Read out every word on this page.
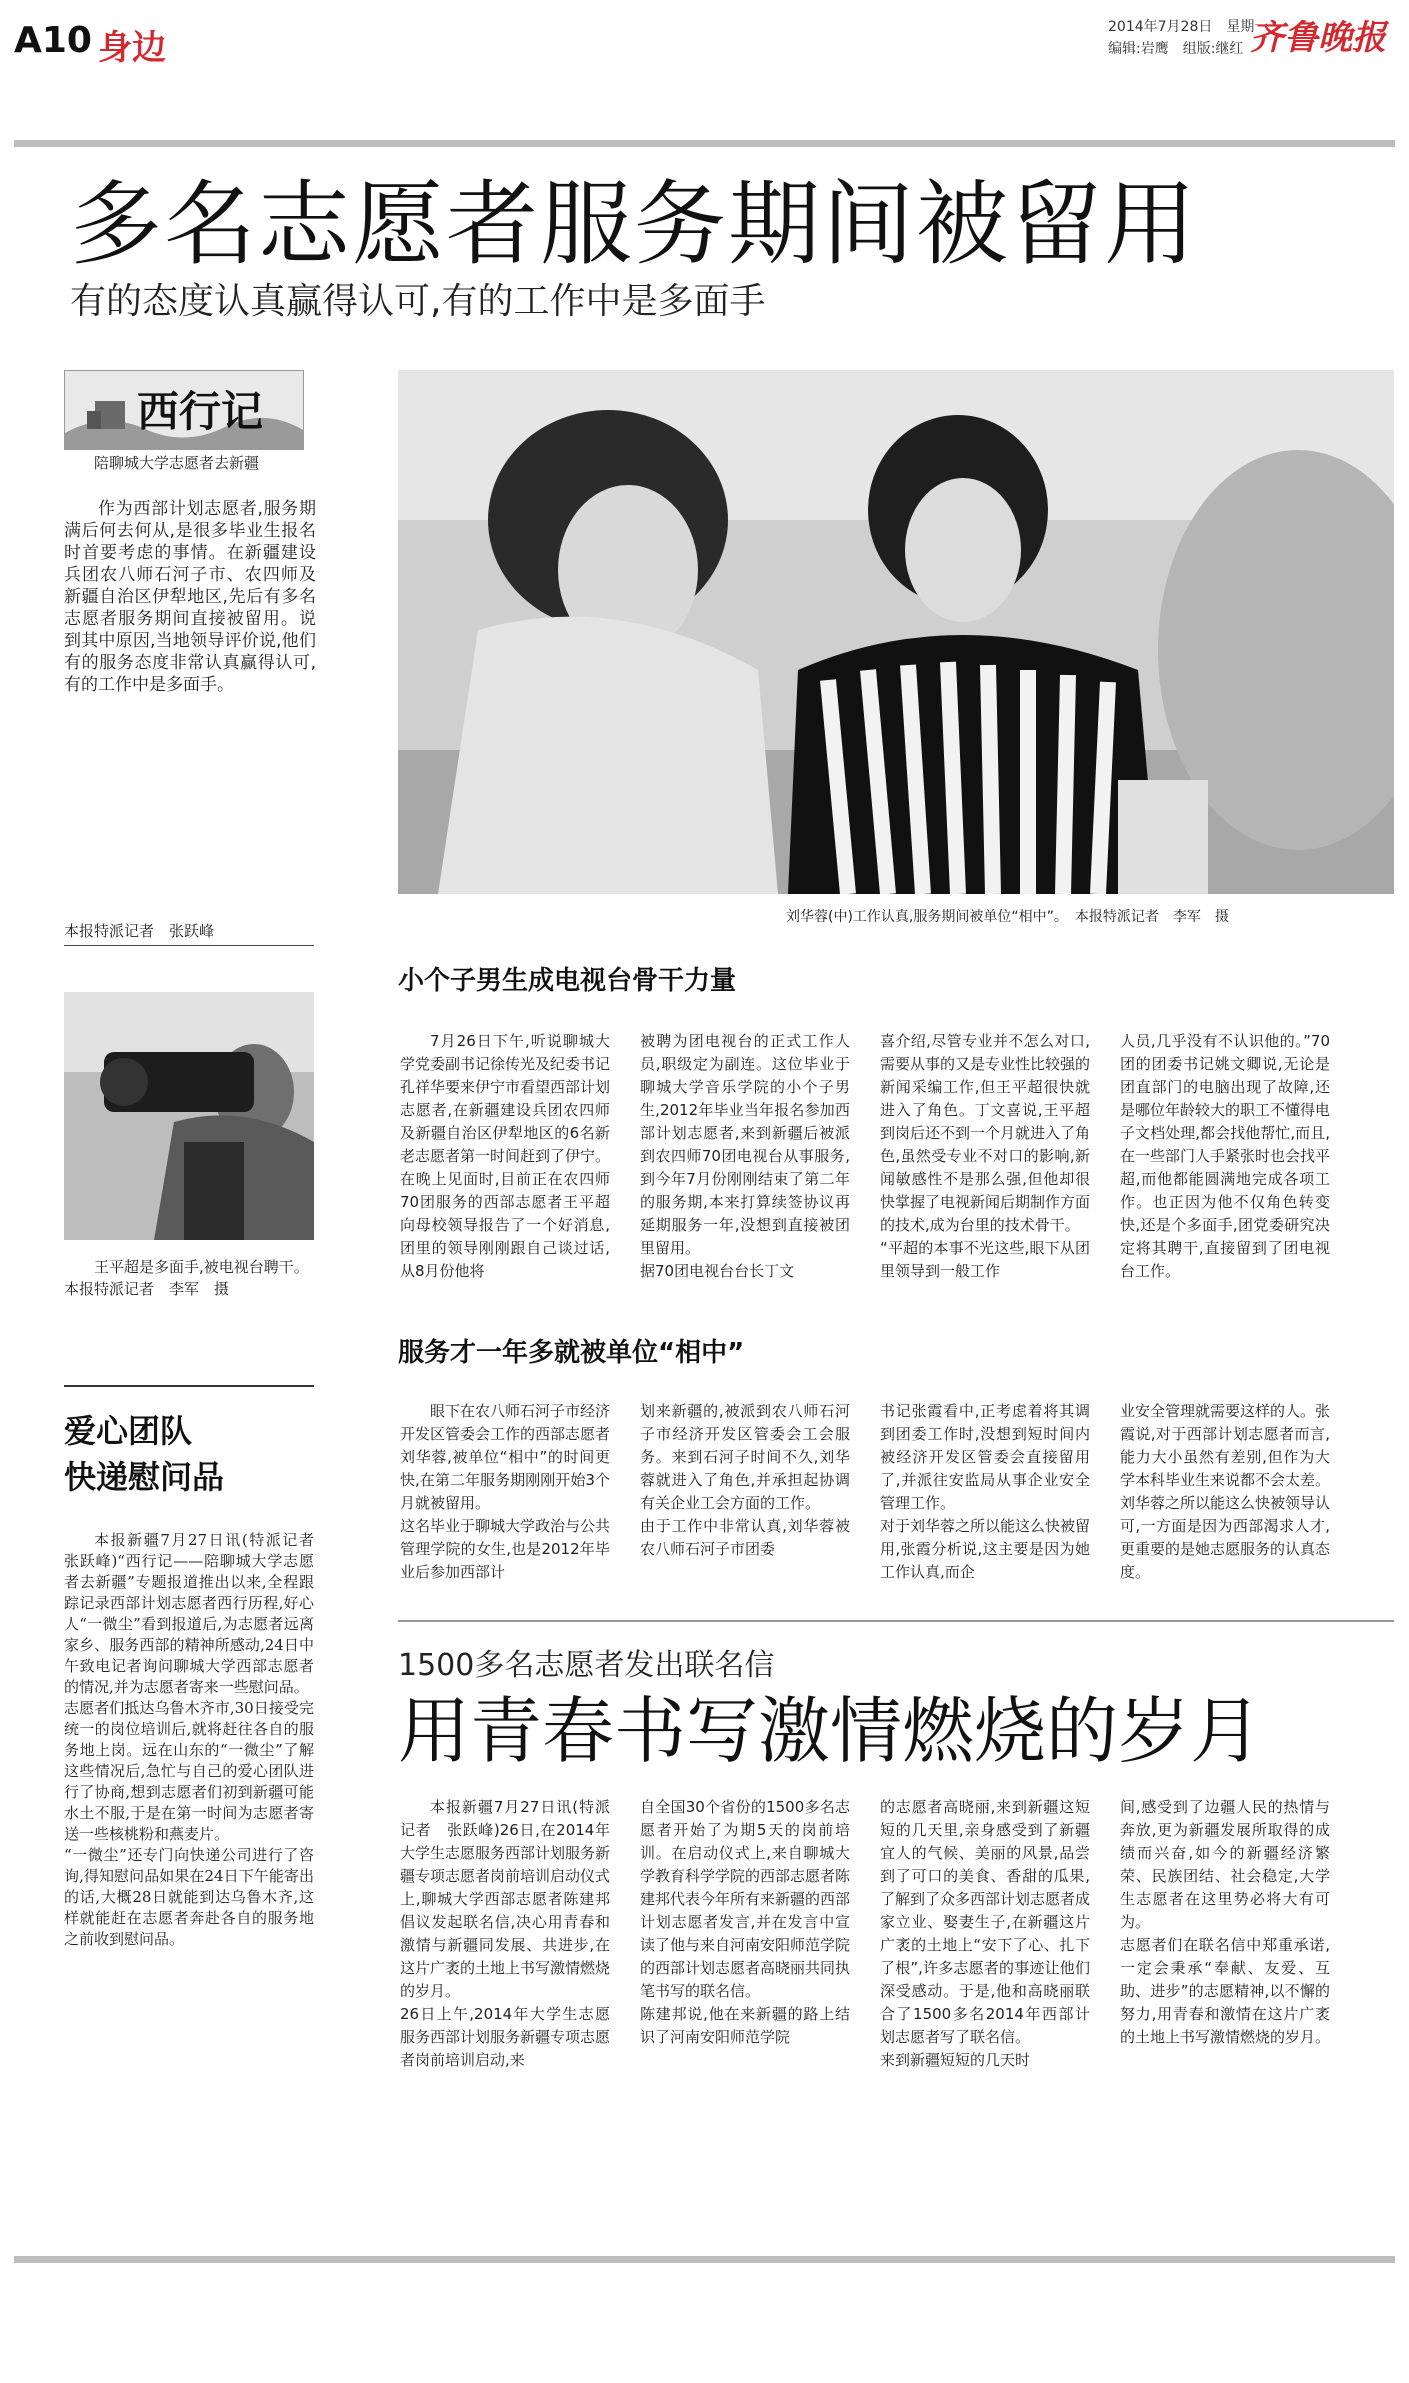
A10 身边
2014年7月28日　星期一
编辑:岩鹰　组版:继红 齐鲁晚报
多名志愿者服务期间被留用
有的态度认真赢得认可,有的工作中是多面手
西行记
陪聊城大学志愿者去新疆

作为西部计划志愿者,服务期满后何去何从,是很多毕业生报名时首要考虑的事情。在新疆建设兵团农八师石河子市、农四师及新疆自治区伊犁地区,先后有多名志愿者服务期间直接被留用。说到其中原因,当地领导评价说,他们有的服务态度非常认真赢得认可,有的工作中是多面手。

本报特派记者　张跃峰
刘华蓉(中)工作认真,服务期间被单位“相中”。　本报特派记者　李军　摄
王平超是多面手,被电视台聘干。　本报特派记者　李军　摄
小个子男生成电视台骨干力量
7月26日下午,听说聊城大学党委副书记徐传光及纪委书记孔祥华要来伊宁市看望西部计划志愿者,在新疆建设兵团农四师及新疆自治区伊犁地区的6名新老志愿者第一时间赶到了伊宁。
在晚上见面时,目前正在农四师70团服务的西部志愿者王平超向母校领导报告了一个好消息,团里的领导刚刚跟自己谈过话,从8月份他将
被聘为团电视台的正式工作人员,职级定为副连。这位毕业于聊城大学音乐学院的小个子男生,2012年毕业当年报名参加西部计划志愿者,来到新疆后被派到农四师70团电视台从事服务,到今年7月份刚刚结束了第二年的服务期,本来打算续签协议再延期服务一年,没想到直接被团里留用。
据70团电视台台长丁文
喜介绍,尽管专业并不怎么对口,需要从事的又是专业性比较强的新闻采编工作,但王平超很快就进入了角色。丁文喜说,王平超到岗后还不到一个月就进入了角色,虽然受专业不对口的影响,新闻敏感性不是那么强,但他却很快掌握了电视新闻后期制作方面的技术,成为台里的技术骨干。
“平超的本事不光这些,眼下从团里领导到一般工作
人员,几乎没有不认识他的。”70团的团委书记姚文卿说,无论是团直部门的电脑出现了故障,还是哪位年龄较大的职工不懂得电子文档处理,都会找他帮忙,而且,在一些部门人手紧张时也会找平超,而他都能圆满地完成各项工作。也正因为他不仅角色转变快,还是个多面手,团党委研究决定将其聘干,直接留到了团电视台工作。
服务才一年多就被单位“相中”
眼下在农八师石河子市经济开发区管委会工作的西部志愿者刘华蓉,被单位“相中”的时间更快,在第二年服务期刚刚开始3个月就被留用。
这名毕业于聊城大学政治与公共管理学院的女生,也是2012年毕业后参加西部计
划来新疆的,被派到农八师石河子市经济开发区管委会工会服务。来到石河子时间不久,刘华蓉就进入了角色,并承担起协调有关企业工会方面的工作。
由于工作中非常认真,刘华蓉被农八师石河子市团委
书记张霞看中,正考虑着将其调到团委工作时,没想到短时间内被经济开发区管委会直接留用了,并派往安监局从事企业安全管理工作。
对于刘华蓉之所以能这么快被留用,张霞分析说,这主要是因为她工作认真,而企
业安全管理就需要这样的人。张霞说,对于西部计划志愿者而言,能力大小虽然有差别,但作为大学本科毕业生来说都不会太差。刘华蓉之所以能这么快被领导认可,一方面是因为西部渴求人才,更重要的是她志愿服务的认真态度。
爱心团队
快递慰问品
本报新疆7月27日讯(特派记者　张跃峰)“西行记——陪聊城大学志愿者去新疆”专题报道推出以来,全程跟踪记录西部计划志愿者西行历程,好心人“一微尘”看到报道后,为志愿者远离家乡、服务西部的精神所感动,24日中午致电记者询问聊城大学西部志愿者的情况,并为志愿者寄来一些慰问品。
志愿者们抵达乌鲁木齐市,30日接受完统一的岗位培训后,就将赶往各自的服务地上岗。远在山东的“一微尘”了解这些情况后,急忙与自己的爱心团队进行了协商,想到志愿者们初到新疆可能水土不服,于是在第一时间为志愿者寄送一些核桃粉和燕麦片。
“一微尘”还专门向快递公司进行了咨询,得知慰问品如果在24日下午能寄出的话,大概28日就能到达乌鲁木齐,这样就能赶在志愿者奔赴各自的服务地之前收到慰问品。
1500多名志愿者发出联名信
用青春书写激情燃烧的岁月
本报新疆7月27日讯(特派记者　张跃峰)26日,在2014年大学生志愿服务西部计划服务新疆专项志愿者岗前培训启动仪式上,聊城大学西部志愿者陈建邦倡议发起联名信,决心用青春和激情与新疆同发展、共进步,在这片广袤的土地上书写激情燃烧的岁月。
26日上午,2014年大学生志愿服务西部计划服务新疆专项志愿者岗前培训启动,来
自全国30个省份的1500多名志愿者开始了为期5天的岗前培训。在启动仪式上,来自聊城大学教育科学学院的西部志愿者陈建邦代表今年所有来新疆的西部计划志愿者发言,并在发言中宣读了他与来自河南安阳师范学院的西部计划志愿者高晓丽共同执笔书写的联名信。
陈建邦说,他在来新疆的路上结识了河南安阳师范学院
的志愿者高晓丽,来到新疆这短短的几天里,亲身感受到了新疆宜人的气候、美丽的风景,品尝到了可口的美食、香甜的瓜果,了解到了众多西部计划志愿者成家立业、娶妻生子,在新疆这片广袤的土地上“安下了心、扎下了根”,许多志愿者的事迹让他们深受感动。于是,他和高晓丽联合了1500多名2014年西部计划志愿者写了联名信。
来到新疆短短的几天时
间,感受到了边疆人民的热情与奔放,更为新疆发展所取得的成绩而兴奋,如今的新疆经济繁荣、民族团结、社会稳定,大学生志愿者在这里势必将大有可为。
志愿者们在联名信中郑重承诺,一定会秉承“奉献、友爱、互助、进步”的志愿精神,以不懈的努力,用青春和激情在这片广袤的土地上书写激情燃烧的岁月。
